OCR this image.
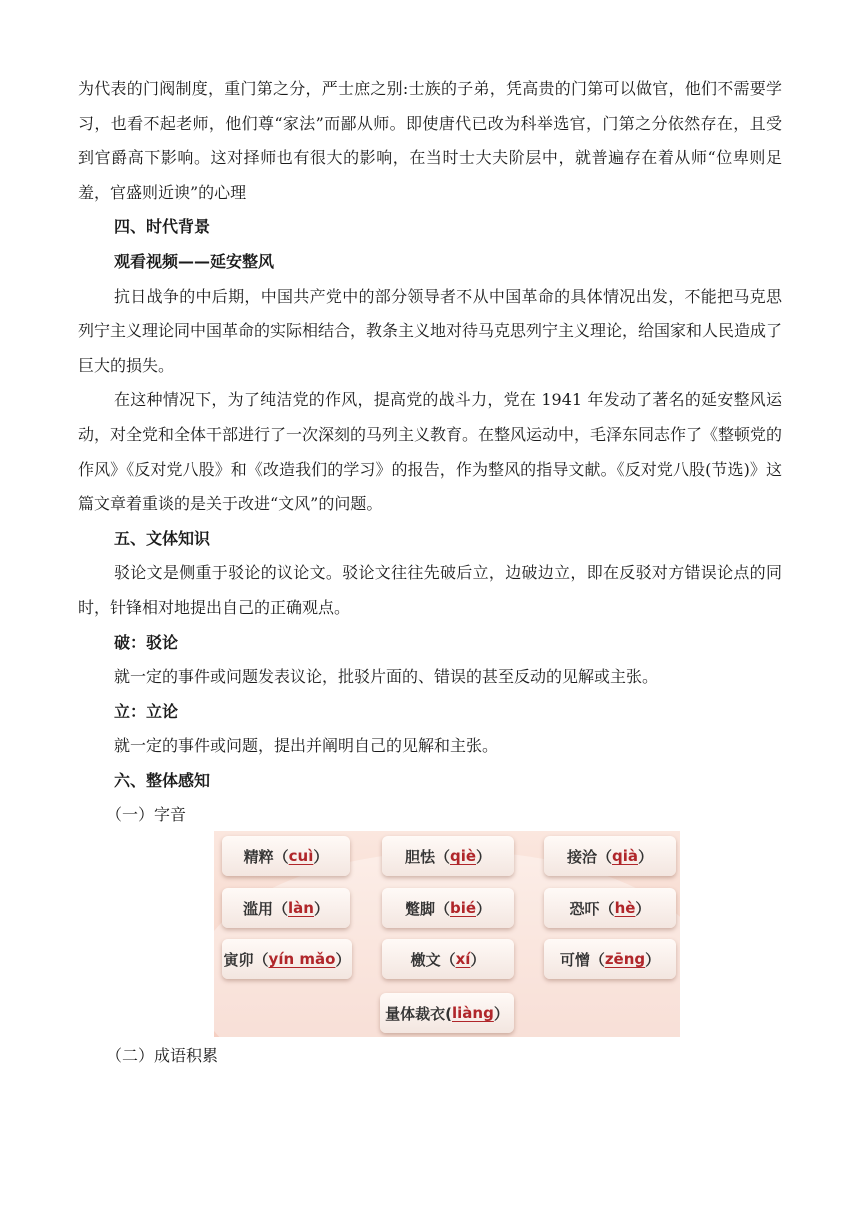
为代表的门阀制度，重门第之分，严士庶之别:士族的子弟，凭高贵的门第可以做官，他们不需要学习，也看不起老师，他们尊“家法”而鄙从师。即使唐代已改为科举选官，门第之分依然存在，且受到官爵高下影响。这对择师也有很大的影响，在当时士大夫阶层中，就普遍存在着从师“位卑则足羞，官盛则近谀”的心理

四、时代背景
观看视频——延安整风

抗日战争的中后期，中国共产党中的部分领导者不从中国革命的具体情况出发，不能把马克思列宁主义理论同中国革命的实际相结合，教条主义地对待马克思列宁主义理论，给国家和人民造成了巨大的损失。

在这种情况下，为了纯洁党的作风，提高党的战斗力，党在 1941 年发动了著名的延安整风运动，对全党和全体干部进行了一次深刻的马列主义教育。在整风运动中，毛泽东同志作了《整顿党的作风》《反对党八股》和《改造我们的学习》的报告，作为整风的指导文献。《反对党八股(节选)》这篇文章着重谈的是关于改进“文风”的问题。

五、文体知识

驳论文是侧重于驳论的议论文。驳论文往往先破后立，边破边立，即在反驳对方错误论点的同时，针锋相对地提出自己的正确观点。

破：驳论
就一定的事件或问题发表议论，批驳片面的、错误的甚至反动的见解或主张。
立：立论
就一定的事件或问题，提出并阐明自己的见解和主张。
六、整体感知
（一）字音
精粹（ cuì ）	胆怯（ qiè ）	接洽（ qià ）
滥用（ làn ）	蹩脚（ bié ）	恐吓（ hè ）
寅卯（ yín mǎo ）	檄文（ xí ）	可憎（ zēng ）
量体裁衣( liàng ）
（二）成语积累
